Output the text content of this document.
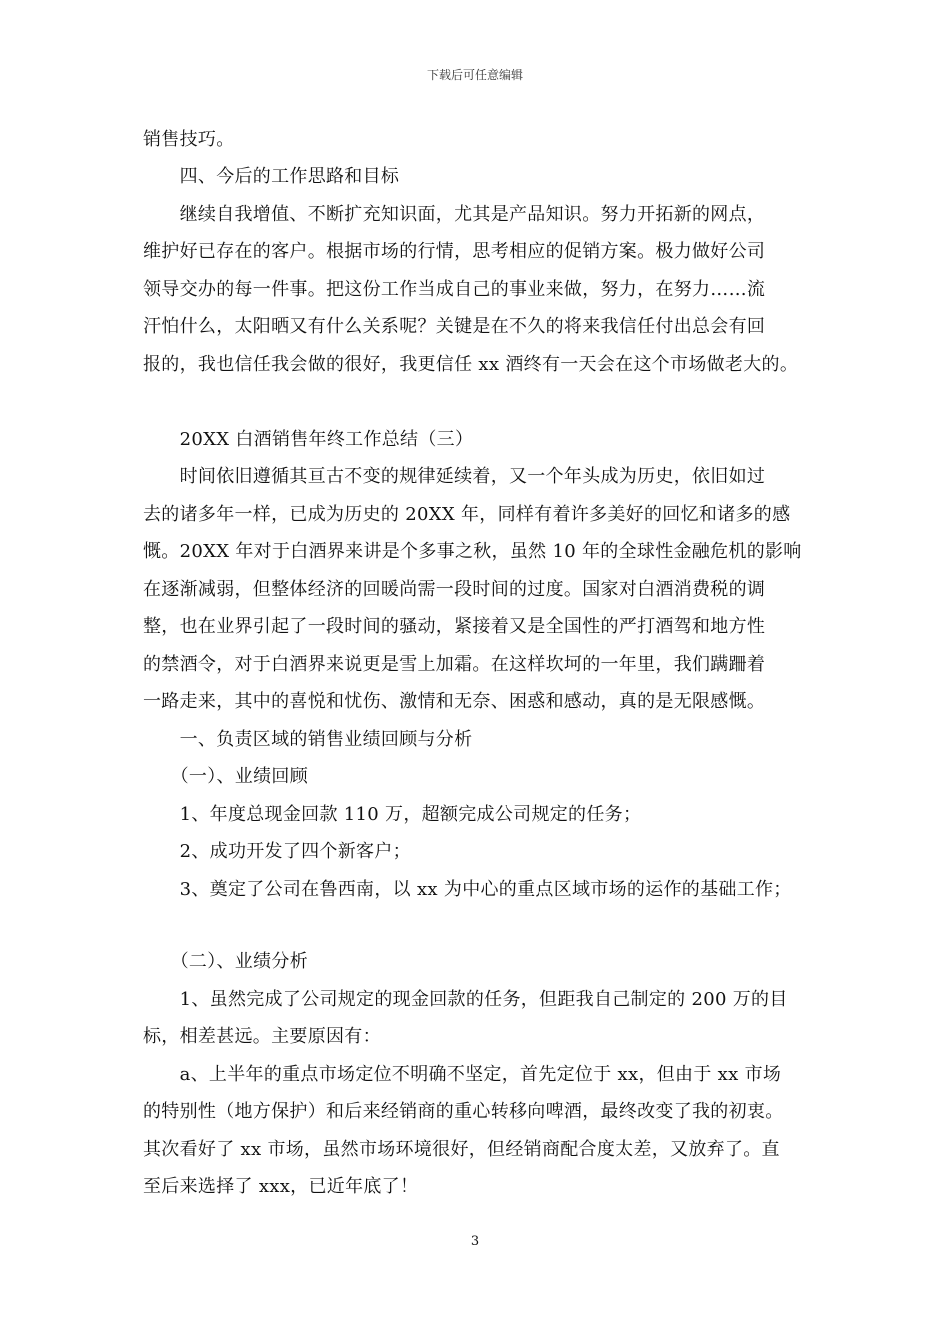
下载后可任意编辑
销售技巧。
　　四、今后的工作思路和目标
　　继续自我增值、不断扩充知识面，尤其是产品知识。努力开拓新的网点，
维护好已存在的客户。根据市场的行情，思考相应的促销方案。极力做好公司
领导交办的每一件事。把这份工作当成自己的事业来做，努力，在努力……流
汗怕什么，太阳晒又有什么关系呢？关键是在不久的将来我信任付出总会有回
报的，我也信任我会做的很好，我更信任 xx 酒终有一天会在这个市场做老大的。
　　20XX 白酒销售年终工作总结（三）
　　时间依旧遵循其亘古不变的规律延续着，又一个年头成为历史，依旧如过
去的诸多年一样，已成为历史的 20XX 年，同样有着许多美好的回忆和诸多的感
慨。20XX 年对于白酒界来讲是个多事之秋，虽然 10 年的全球性金融危机的影响
在逐渐减弱，但整体经济的回暖尚需一段时间的过度。国家对白酒消费税的调
整，也在业界引起了一段时间的骚动，紧接着又是全国性的严打酒驾和地方性
的禁酒令，对于白酒界来说更是雪上加霜。在这样坎坷的一年里，我们蹒跚着
一路走来，其中的喜悦和忧伤、激情和无奈、困惑和感动，真的是无限感慨。
　　一、负责区域的销售业绩回顾与分析
　　（一）、业绩回顾
　　1、年度总现金回款 110 万，超额完成公司规定的任务；
　　2、成功开发了四个新客户；
　　3、奠定了公司在鲁西南，以 xx 为中心的重点区域市场的运作的基础工作；
　　（二）、业绩分析
　　1、虽然完成了公司规定的现金回款的任务，但距我自己制定的 200 万的目
标，相差甚远。主要原因有：
　　a、上半年的重点市场定位不明确不坚定，首先定位于 xx，但由于 xx 市场
的特别性（地方保护）和后来经销商的重心转移向啤酒，最终改变了我的初衷。
其次看好了 xx 市场，虽然市场环境很好，但经销商配合度太差，又放弃了。直
至后来选择了 xxx，已近年底了！
3
